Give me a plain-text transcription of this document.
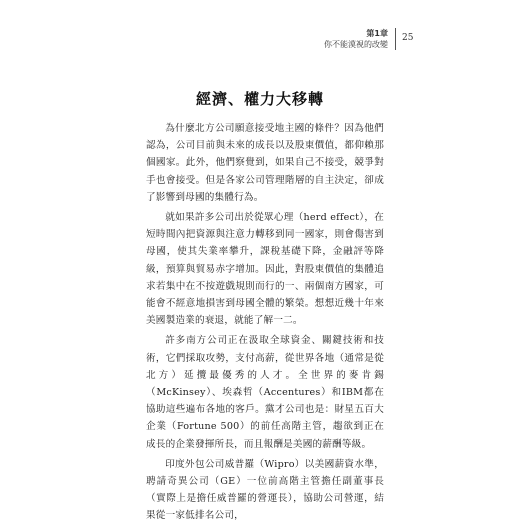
第1章
你不能漠視的改變
25
經濟、權力大移轉

為什麼北方公司願意接受地主國的條件？因為他們認為，公司目前與未來的成長以及股東價值，都仰賴那個國家。此外，他們察覺到，如果自己不接受，競爭對手也會接受。但是各家公司管理階層的自主決定，卻成了影響到母國的集體行為。

就如果許多公司出於從眾心理（herd effect），在短時間內把資源與注意力轉移到同一國家，則會傷害到母國，使其失業率攀升，課稅基礎下降，金融評等降級，預算與貿易赤字增加。因此，對股東價值的集體追求若集中在不按遊戲規則而行的一、兩個南方國家，可能會不經意地損害到母國全體的繁榮。想想近幾十年來美國製造業的衰退，就能了解一二。

許多南方公司正在汲取全球資金、關鍵技術和技術，它們採取攻勢，支付高薪，從世界各地（通常是從北方）延攬最優秀的人才。全世界的麥肯錫（McKinsey）、埃森哲（Accentures）和IBM都在協助這些遍布各地的客戶。黨才公司也是：財星五百大企業（Fortune 500）的前任高階主管，趨欲到正在成長的企業發揮所長，而且報酬是美國的薪酬等級。

印度外包公司威普羅（Wipro）以美國薪資水準，聘請奇異公司（GE）一位前高階主管擔任副董事長（實際上是擔任威普羅的營運長），協助公司營運，結果從一家低排名公司，
